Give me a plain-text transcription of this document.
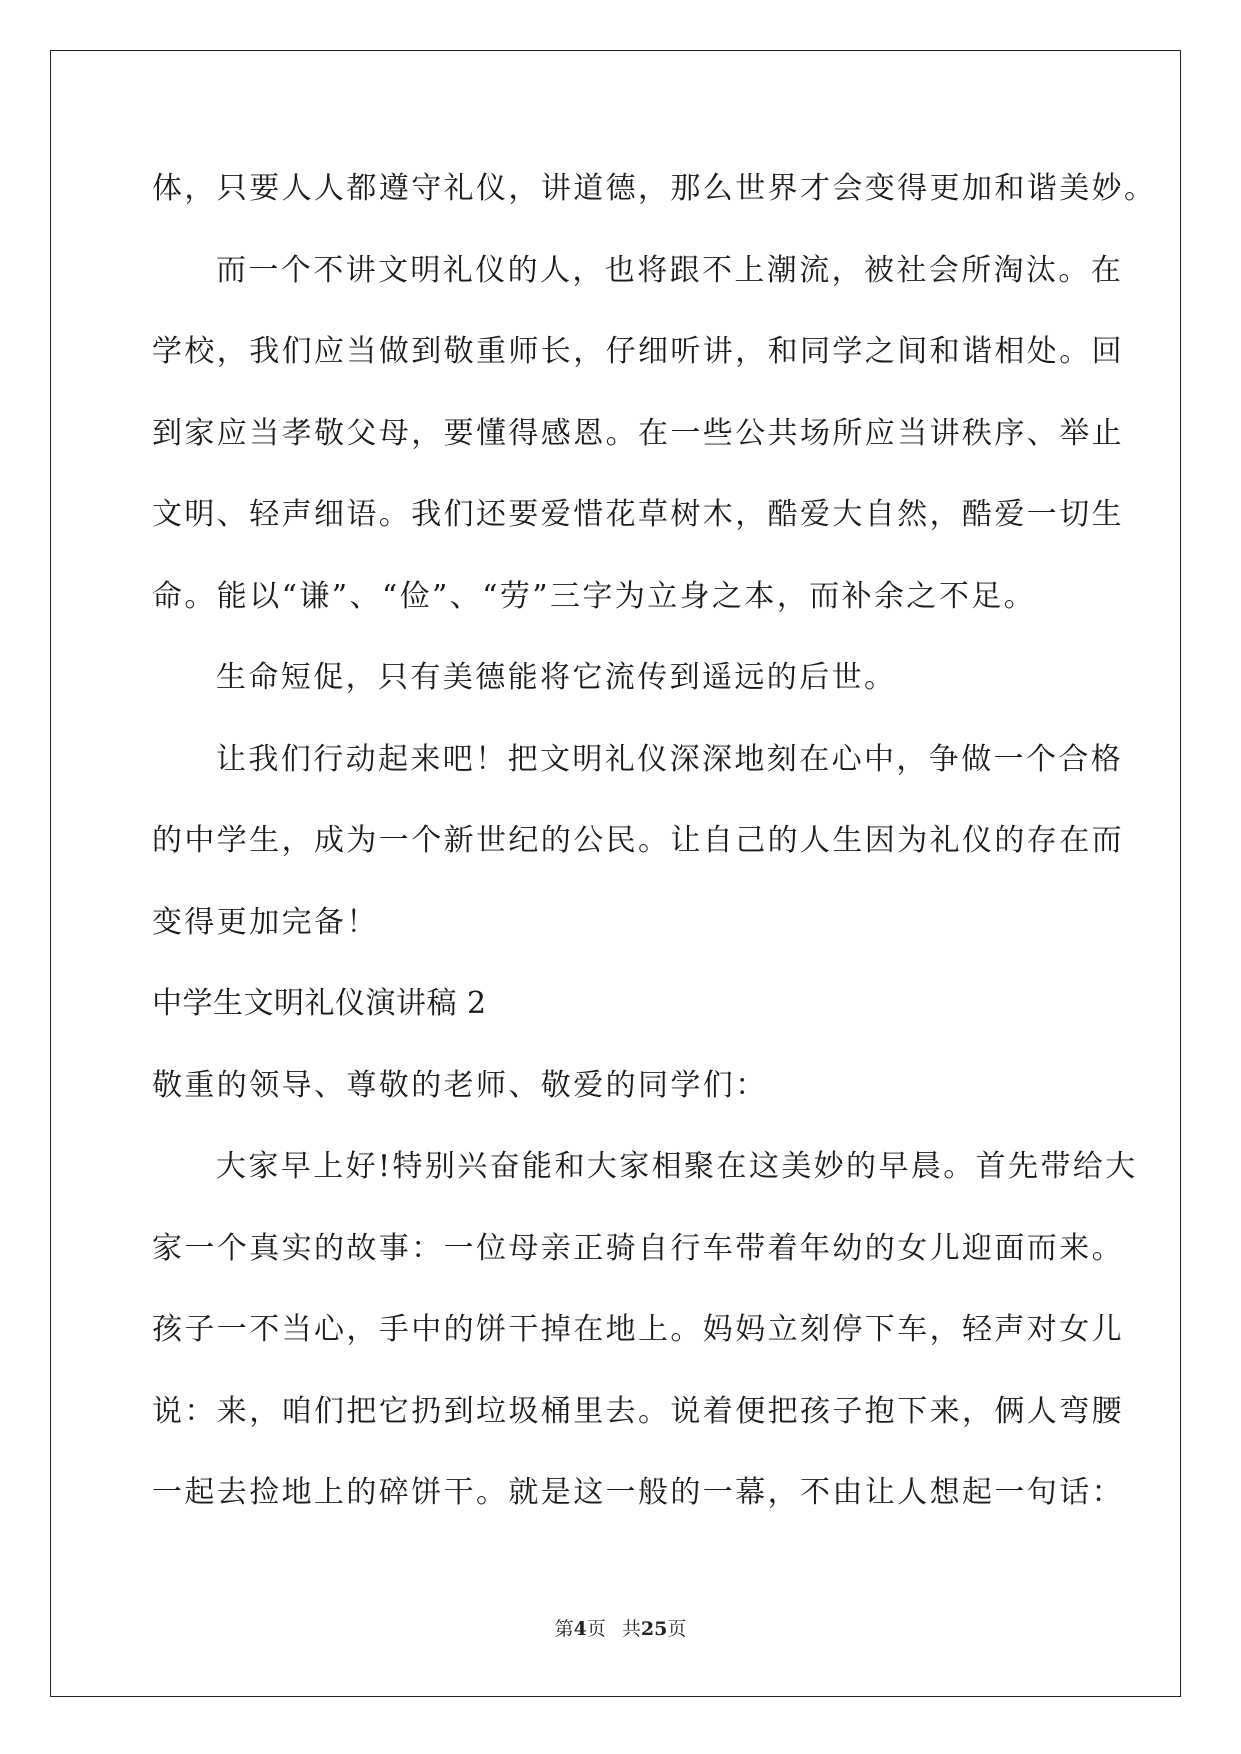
体，只要人人都遵守礼仪，讲道德，那么世界才会变得更加和谐美妙。
而一个不讲文明礼仪的人，也将跟不上潮流，被社会所淘汰。在
学校，我们应当做到敬重师长，仔细听讲，和同学之间和谐相处。回
到家应当孝敬父母，要懂得感恩。在一些公共场所应当讲秩序、举止
文明、轻声细语。我们还要爱惜花草树木，酷爱大自然，酷爱一切生
命。能以“谦”、“俭”、“劳”三字为立身之本，而补余之不足。
生命短促，只有美德能将它流传到遥远的后世。
让我们行动起来吧！把文明礼仪深深地刻在心中，争做一个合格
的中学生，成为一个新世纪的公民。让自己的人生因为礼仪的存在而
变得更加完备！
中学生文明礼仪演讲稿 2
敬重的领导、尊敬的老师、敬爱的同学们：
大家早上好!特别兴奋能和大家相聚在这美妙的早晨。首先带给大
家一个真实的故事：一位母亲正骑自行车带着年幼的女儿迎面而来。
孩子一不当心，手中的饼干掉在地上。妈妈立刻停下车，轻声对女儿
说：来，咱们把它扔到垃圾桶里去。说着便把孩子抱下来，俩人弯腰
一起去捡地上的碎饼干。就是这一般的一幕，不由让人想起一句话：
第4页 共25页
